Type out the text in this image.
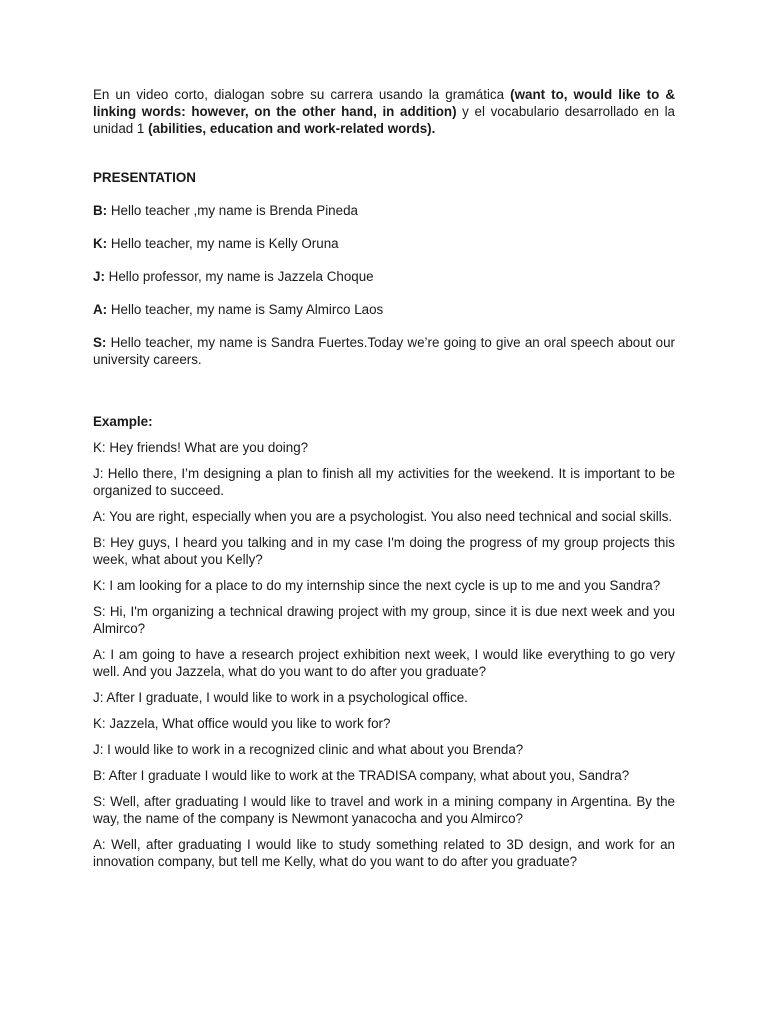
En un video corto, dialogan sobre su carrera usando la gramática (want to, would like to & linking words: however, on the other hand, in addition) y el vocabulario desarrollado en la unidad 1 (abilities, education and work-related words).

PRESENTATION

B: Hello teacher ,my name is Brenda Pineda

K: Hello teacher, my name is Kelly Oruna

J: Hello professor, my name is Jazzela Choque

A: Hello teacher, my name is Samy Almirco Laos

S: Hello teacher, my name is Sandra Fuertes.Today we’re going to give an oral speech about our university careers.

Example:

K: Hey friends! What are you doing?

J: Hello there, I’m designing a plan to finish all my activities for the weekend. It is important to be organized to succeed.

A: You are right, especially when you are a psychologist. You also need technical and social skills.

B: Hey guys, I heard you talking and in my case I'm doing the progress of my group projects this week, what about you Kelly?

K: I am looking for a place to do my internship since the next cycle is up to me and you Sandra?

S: Hi, I'm organizing a technical drawing project with my group, since it is due next week and you Almirco?

A: I am going to have a research project exhibition next week, I would like everything to go very well. And you Jazzela, what do you want to do after you graduate?

J: After I graduate, I would like to work in a psychological office.

K: Jazzela, What office would you like to work for?

J: I would like to work in a recognized clinic and what about you Brenda?

B: After I graduate I would like to work at the TRADISA company, what about you, Sandra?

S: Well, after graduating I would like to travel and work in a mining company in Argentina. By the way, the name of the company is Newmont yanacocha and you Almirco?

A: Well, after graduating I would like to study something related to 3D design, and work for an innovation company, but tell me Kelly, what do you want to do after you graduate?
